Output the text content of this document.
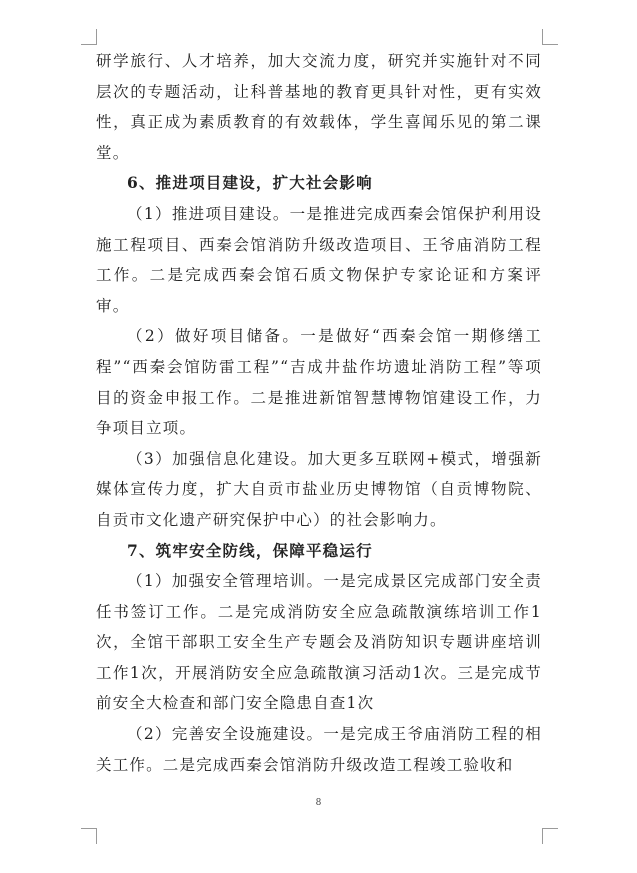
研学旅行、人才培养，加大交流力度，研究并实施针对不同层次的专题活动，让科普基地的教育更具针对性，更有实效性，真正成为素质教育的有效载体，学生喜闻乐见的第二课堂。

6、推进项目建设，扩大社会影响

（1）推进项目建设。一是推进完成西秦会馆保护利用设施工程项目、西秦会馆消防升级改造项目、王爷庙消防工程工作。二是完成西秦会馆石质文物保护专家论证和方案评审。

（2）做好项目储备。一是做好“西秦会馆一期修缮工程”“西秦会馆防雷工程”“吉成井盐作坊遗址消防工程”等项目的资金申报工作。二是推进新馆智慧博物馆建设工作，力争项目立项。

（3）加强信息化建设。加大更多互联网+模式，增强新媒体宣传力度，扩大自贡市盐业历史博物馆（自贡博物院、自贡市文化遗产研究保护中心）的社会影响力。

7、筑牢安全防线，保障平稳运行

（1）加强安全管理培训。一是完成景区完成部门安全责任书签订工作。二是完成消防安全应急疏散演练培训工作1次，全馆干部职工安全生产专题会及消防知识专题讲座培训工作1次，开展消防安全应急疏散演习活动1次。三是完成节前安全大检查和部门安全隐患自查1次

（2）完善安全设施建设。一是完成王爷庙消防工程的相关工作。二是完成西秦会馆消防升级改造工程竣工验收和

8
